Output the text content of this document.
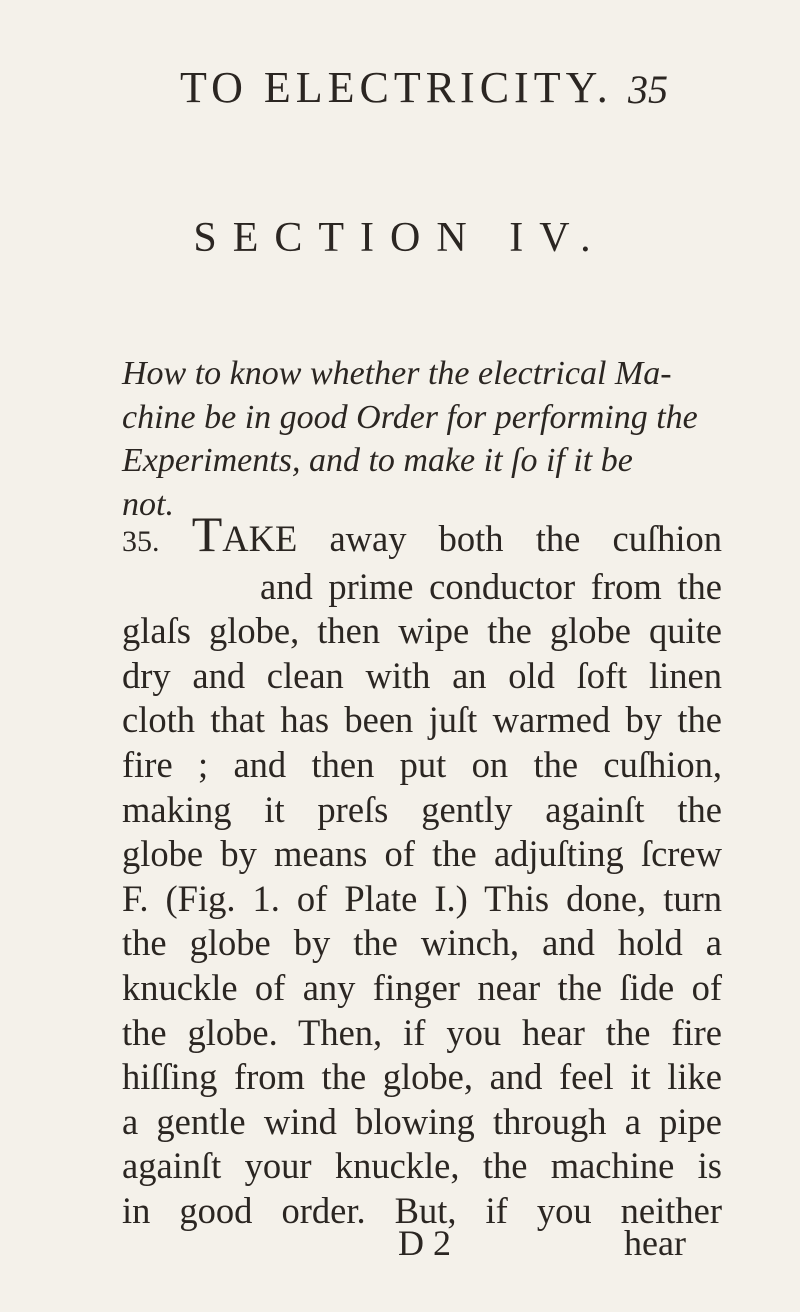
TO ELECTRICITY. 35
SECTION IV.
How to know whether the electrical Ma-
chine be in good Order for performing the
Experiments, and to make it ſo if it be
not.
35. TAKE away both the cuſhion
and prime conductor from the
glaſs globe, then wipe the globe quite
dry and clean with an old ſoft linen
cloth that has been juſt warmed by the
fire ; and then put on the cuſhion,
making it preſs gently againſt the
globe by means of the adjuſting ſcrew
F. (Fig. 1. of Plate I.) This done, turn
the globe by the winch, and hold a
knuckle of any finger near the ſide of
the globe. Then, if you hear the fire
hiſſing from the globe, and feel it like
a gentle wind blowing through a pipe
againſt your knuckle, the machine is
in good order. But, if you neither
D 2	hear
